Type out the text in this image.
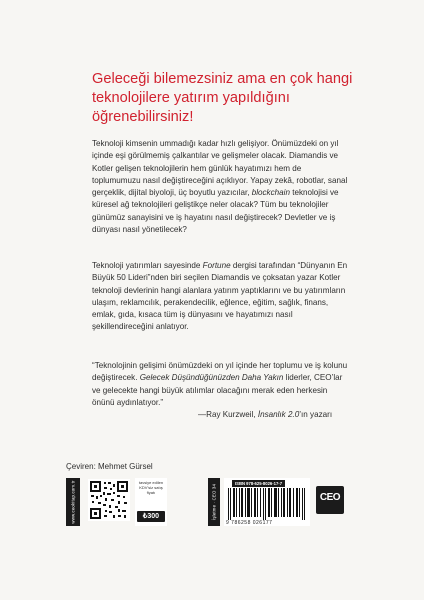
Geleceği bilemezsiniz ama en çok hangi teknolojilere yatırım yapıldığını öğrenebilirsiniz!
Teknoloji kimsenin ummadığı kadar hızlı gelişiyor. Önümüzdeki on yıl içinde eşi görülmemiş çalkantılar ve gelişmeler olacak. Diamandis ve Kotler gelişen teknolojilerin hem günlük hayatımızı hem de toplumumuzu nasıl değiştireceğini açıklıyor. Yapay zekâ, robotlar, sanal gerçeklik, dijital biyoloji, üç boyutlu yazıcılar, blockchain teknolojisi ve küresel ağ teknolojileri geliştikçe neler olacak? Tüm bu teknolojiler günümüz sanayisini ve iş hayatını nasıl değiştirecek? Devletler ve iş dünyası nasıl yönetilecek?
Teknoloji yatırımları sayesinde Fortune dergisi tarafından “Dünyanın En Büyük 50 Lideri”nden biri seçilen Diamandis ve çoksatan yazar Kotler teknoloji devlerinin hangi alanlara yatırım yaptıklarını ve bu yatırımların ulaşım, reklamcılık, perakendecilik, eğlence, eğitim, sağlık, finans, emlak, gıda, kısaca tüm iş dünyasını ve hayatımızı nasıl şekillendireceğini anlatıyor.
“Teknolojinin gelişimi önümüzdeki on yıl içinde her toplumu ve iş kolunu değiştirecek. Gelecek Düşündüğünüzden Daha Yakın liderler, CEO’lar ve gelecekte hangi büyük atılımlar olacağını merak eden herkesin önünü aydınlatıyor.”
—Ray Kurzweil, İnsanlık 2.0’ın yazarı
Çeviren: Mehmet Gürsel
www.ceokitap.com.tr	tavsiye edilen KDV’siz satış fiyatı
₺300	İşletme · CEO 34
ISBN 978-625-8026-17-7
9 786258 026177
CEO
